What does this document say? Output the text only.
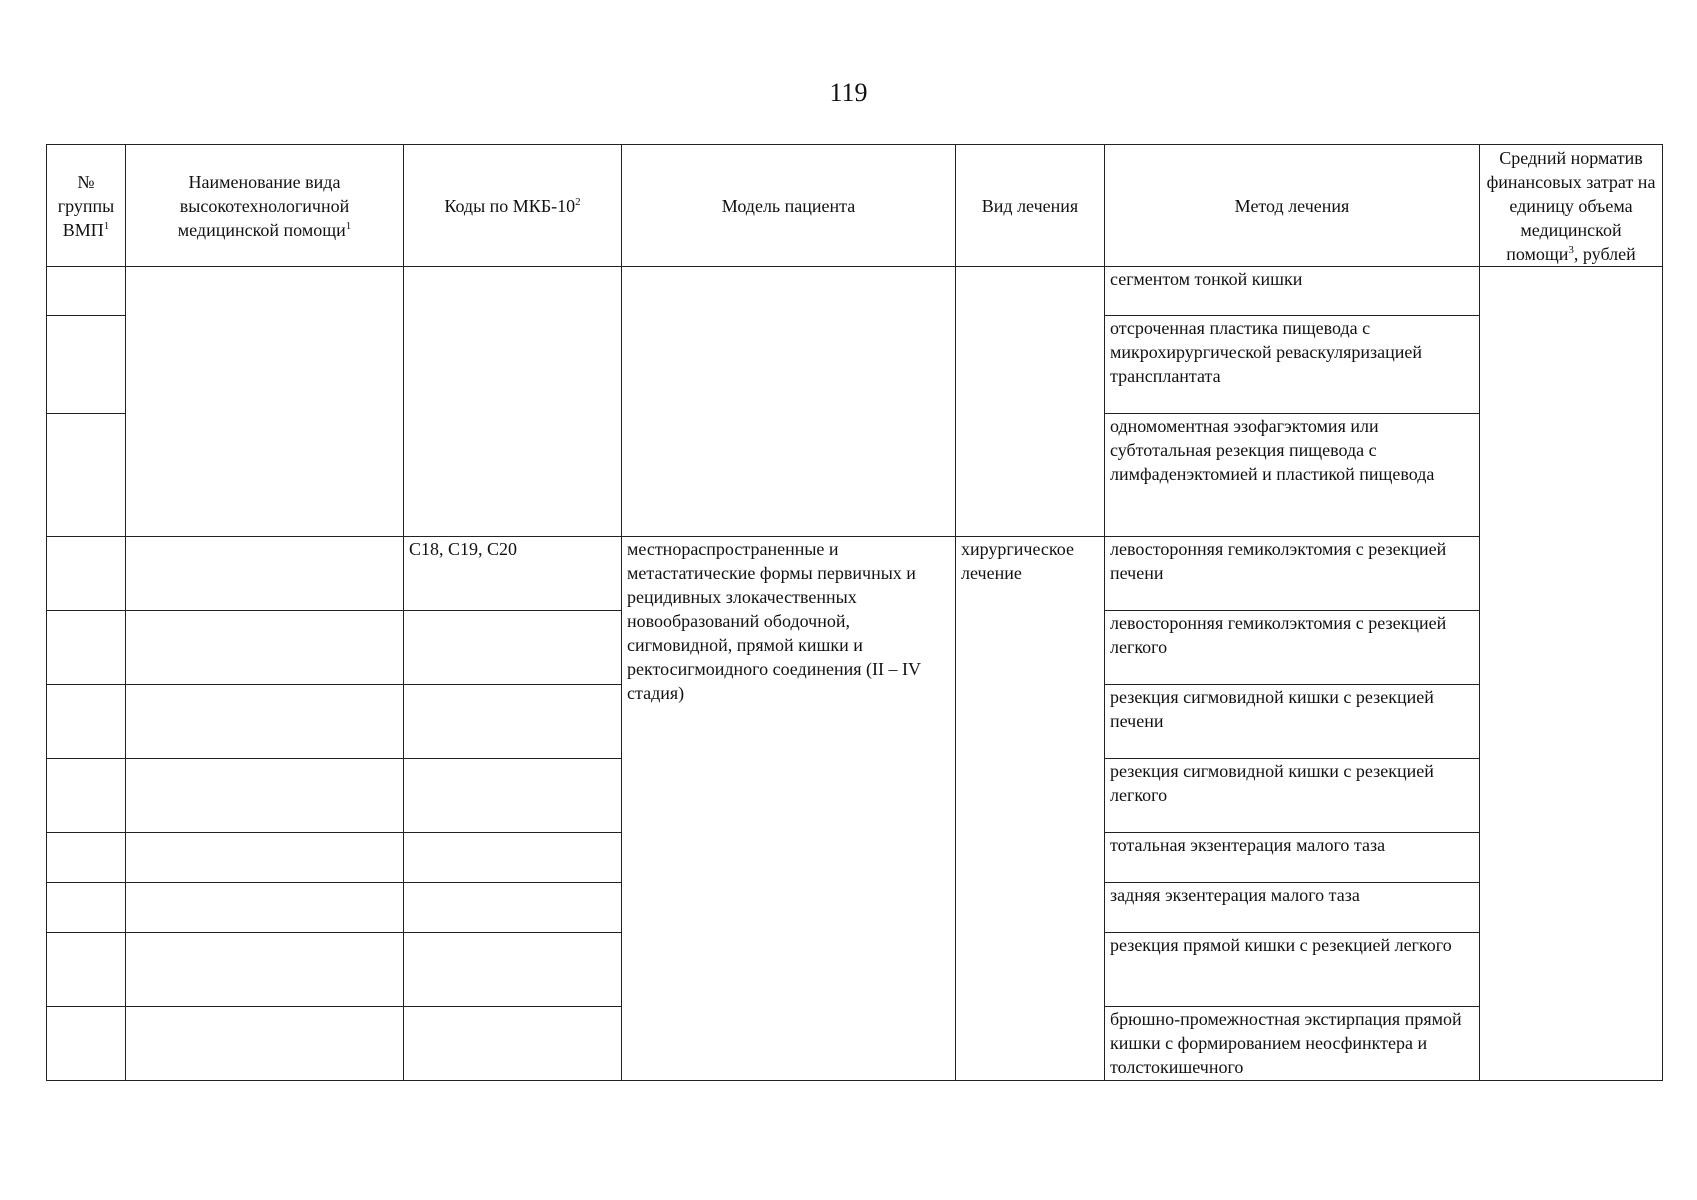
119
№ группы ВМП$^1$	Наименование вида высокотехнологичной медицинской помощи$^1$	Коды по МКБ-$10^2$	Модель пациента	Вид лечения	Метод лечения	Средний норматив финансовых затрат на единицу объема медицинской помощи$^3$, рублей
					сегментом тонкой кишки	
					отсроченная пластика пищевода с микрохирургической реваскуляризацией трансплантата	
					одномоментная эзофагэктомия или субтотальная резекция пищевода с лимфаденэктомией и пластикой пищевода	
		C18, C19, C20	местнораспространенные и метастатические формы первичных и рецидивных злокачественных новообразований ободочной, сигмовидной, прямой кишки и ректосигмоидного соединения (II – IV стадия)	хирургическое лечение	левосторонняя гемиколэктомия с резекцией печени	
					левосторонняя гемиколэктомия с резекцией легкого	
					резекция сигмовидной кишки с резекцией печени	
					резекция сигмовидной кишки с резекцией легкого	
					тотальная экзентерация малого таза	
					задняя экзентерация малого таза	
					резекция прямой кишки с резекцией легкого	
					брюшно-промежностная экстирпация прямой кишки с формированием неосфинктера и толстокишечного	
